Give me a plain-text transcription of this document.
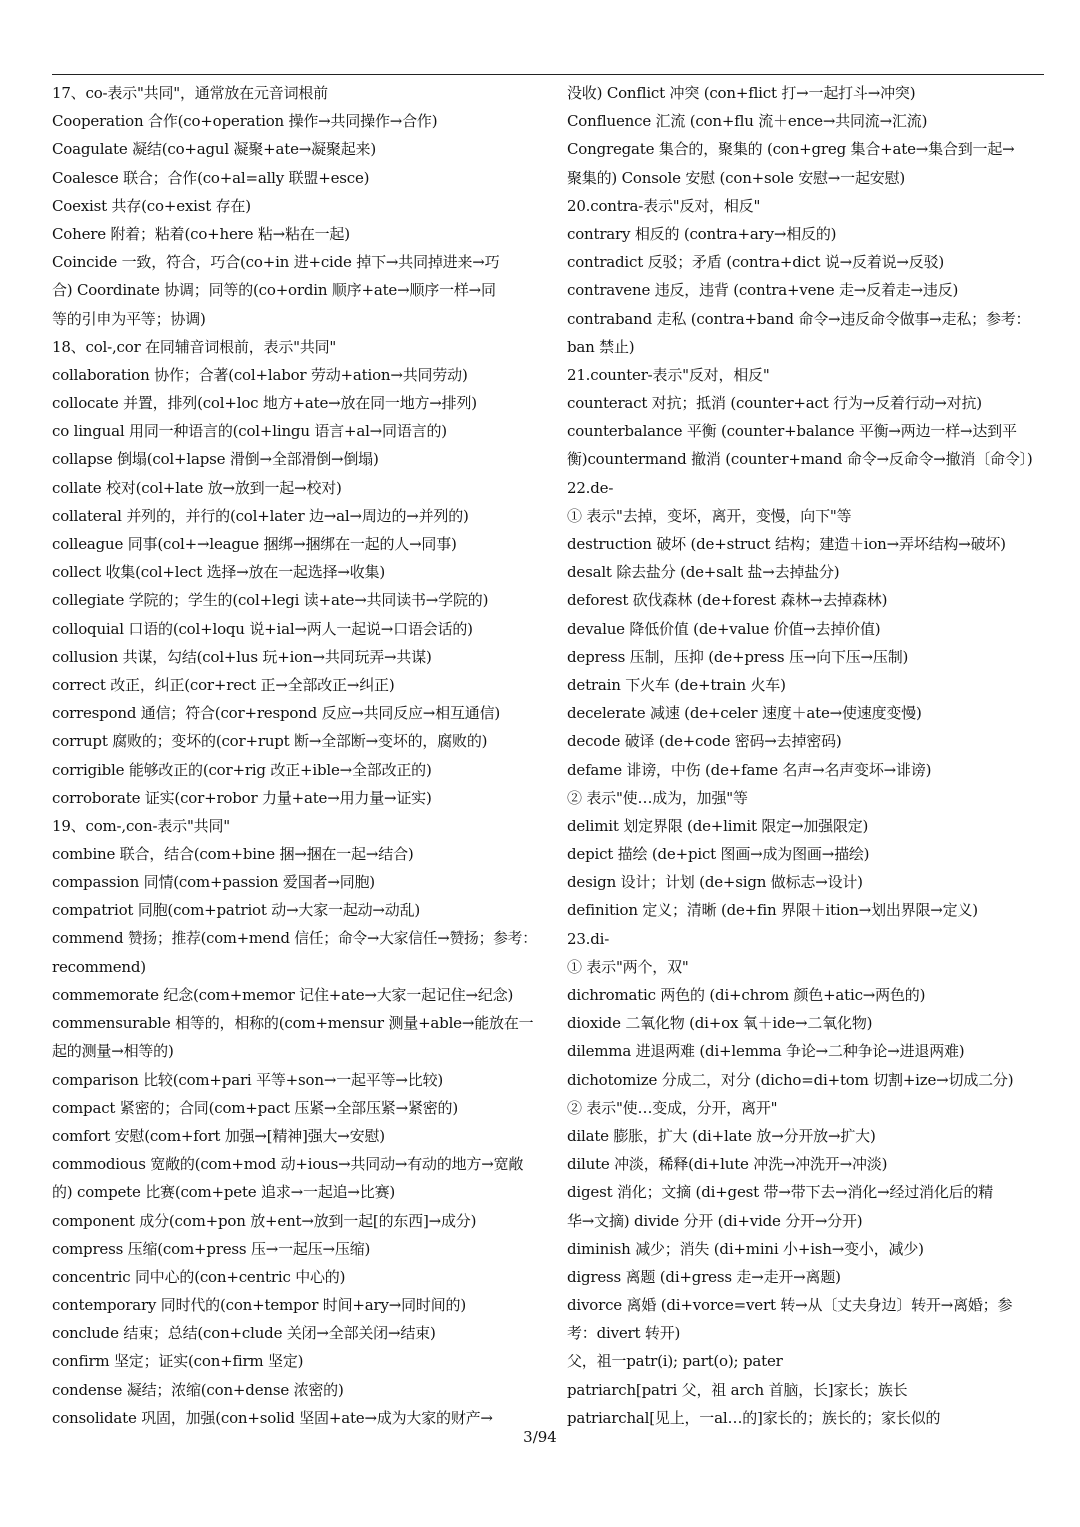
17、co-表示"共同"，通常放在元音词根前
Cooperation 合作(co+operation 操作→共同操作→合作)
Coagulate 凝结(co+agul 凝聚+ate→凝聚起来)
Coalesce 联合；合作(co+al=ally 联盟+esce)
Coexist 共存(co+exist 存在)
Cohere 附着；粘着(co+here 粘→粘在一起)
Coincide 一致，符合，巧合(co+in 进+cide 掉下→共同掉进来→巧
合) Coordinate 协调；同等的(co+ordin 顺序+ate→顺序一样→同
等的引申为平等；协调)
18、col-,cor 在同辅音词根前，表示"共同"
collaboration 协作；合著(col+labor 劳动+ation→共同劳动)
collocate 并置，排列(col+loc 地方+ate→放在同一地方→排列)
co lingual 用同一种语言的(col+lingu 语言+al→同语言的)
collapse 倒塌(col+lapse 滑倒→全部滑倒→倒塌)
collate 校对(col+late 放→放到一起→校对)
collateral 并列的，并行的(col+later 边→al→周边的→并列的)
colleague 同事(col+→league 捆绑→捆绑在一起的人→同事)
collect 收集(col+lect 选择→放在一起选择→收集)
collegiate 学院的；学生的(col+legi 读+ate→共同读书→学院的)
colloquial 口语的(col+loqu 说+ial→两人一起说→口语会话的)
collusion 共谋，勾结(col+lus 玩+ion→共同玩弄→共谋)
correct 改正，纠正(cor+rect 正→全部改正→纠正)
correspond 通信；符合(cor+respond 反应→共同反应→相互通信)
corrupt 腐败的；变坏的(cor+rupt 断→全部断→变坏的，腐败的)
corrigible 能够改正的(cor+rig 改正+ible→全部改正的)
corroborate 证实(cor+robor 力量+ate→用力量→证实)
19、com-,con-表示"共同"
combine 联合，结合(com+bine 捆→捆在一起→结合)
compassion 同情(com+passion 爱国者→同胞)
compatriot 同胞(com+patriot 动→大家一起动→动乱)
commend 赞扬；推荐(com+mend 信任；命令→大家信任→赞扬；参考：
recommend)
commemorate 纪念(com+memor 记住+ate→大家一起记住→纪念)
commensurable 相等的，相称的(com+mensur 测量+able→能放在一
起的测量→相等的)
comparison 比较(com+pari 平等+son→一起平等→比较)
compact 紧密的；合同(com+pact 压紧→全部压紧→紧密的)
comfort 安慰(com+fort 加强→[精神]强大→安慰)
commodious 宽敞的(com+mod 动+ious→共同动→有动的地方→宽敞
的) compete 比赛(com+pete 追求→一起追→比赛)
component 成分(com+pon 放+ent→放到一起[的东西]→成分)
compress 压缩(com+press 压→一起压→压缩)
concentric 同中心的(con+centric 中心的)
contemporary 同时代的(con+tempor 时间+ary→同时间的)
conclude 结束；总结(con+clude 关闭→全部关闭→结束)
confirm 坚定；证实(con+firm 坚定)
condense 凝结；浓缩(con+dense 浓密的)
consolidate 巩固，加强(con+solid 坚固+ate→成为大家的财产→
没收) Conflict 冲突 (con+flict 打→一起打斗→冲突)
Confluence 汇流 (con+flu 流＋ence→共同流→汇流)
Congregate 集合的，聚集的 (con+greg 集合+ate→集合到一起→
聚集的) Console 安慰 (con+sole 安慰→一起安慰)
20.contra-表示"反对，相反"
contrary 相反的 (contra+ary→相反的)
contradict 反驳；矛盾 (contra+dict 说→反着说→反驳)
contravene 违反，违背 (contra+vene 走→反着走→违反)
contraband 走私 (contra+band 命令→违反命令做事→走私；参考：
ban 禁止)
21.counter-表示"反对，相反"
counteract 对抗；抵消 (counter+act 行为→反着行动→对抗)
counterbalance 平衡 (counter+balance 平衡→两边一样→达到平
衡)countermand 撤消 (counter+mand 命令→反命令→撤消〔命令〕)
22.de-
① 表示"去掉，变坏，离开，变慢，向下"等
destruction 破坏 (de+struct 结构；建造＋ion→弄坏结构→破坏)
desalt 除去盐分 (de+salt 盐→去掉盐分)
deforest 砍伐森林 (de+forest 森林→去掉森林)
devalue 降低价值 (de+value 价值→去掉价值)
depress 压制，压抑 (de+press 压→向下压→压制)
detrain 下火车 (de+train 火车)
decelerate 减速 (de+celer 速度＋ate→使速度变慢)
decode 破译 (de+code 密码→去掉密码)
defame 诽谤，中伤 (de+fame 名声→名声变坏→诽谤)
② 表示"使…成为，加强"等
delimit 划定界限 (de+limit 限定→加强限定)
depict 描绘 (de+pict 图画→成为图画→描绘)
design 设计；计划 (de+sign 做标志→设计)
definition 定义；清晰 (de+fin 界限＋ition→划出界限→定义)
23.di-
① 表示"两个，双"
dichromatic 两色的 (di+chrom 颜色+atic→两色的)
dioxide 二氧化物 (di+ox 氧＋ide→二氧化物)
dilemma 进退两难 (di+lemma 争论→二种争论→进退两难)
dichotomize 分成二，对分 (dicho=di+tom 切割+ize→切成二分)
② 表示"使…变成，分开，离开"
dilate 膨胀，扩大 (di+late 放→分开放→扩大)
dilute 冲淡，稀释(di+lute 冲洗→冲洗开→冲淡)
digest 消化；文摘 (di+gest 带→带下去→消化→经过消化后的精
华→文摘) divide 分开 (di+vide 分开→分开)
diminish 减少；消失 (di+mini 小+ish→变小，减少)
digress 离题 (di+gress 走→走开→离题)
divorce 离婚 (di+vorce=vert 转→从〔丈夫身边〕转开→离婚；参
考：divert 转开)
父，祖一patr(i); part(o); pater
patriarch[patri 父，祖 arch 首脑，长]家长；族长
patriarchal[见上，一al…的]家长的；族长的；家长似的
3/94
